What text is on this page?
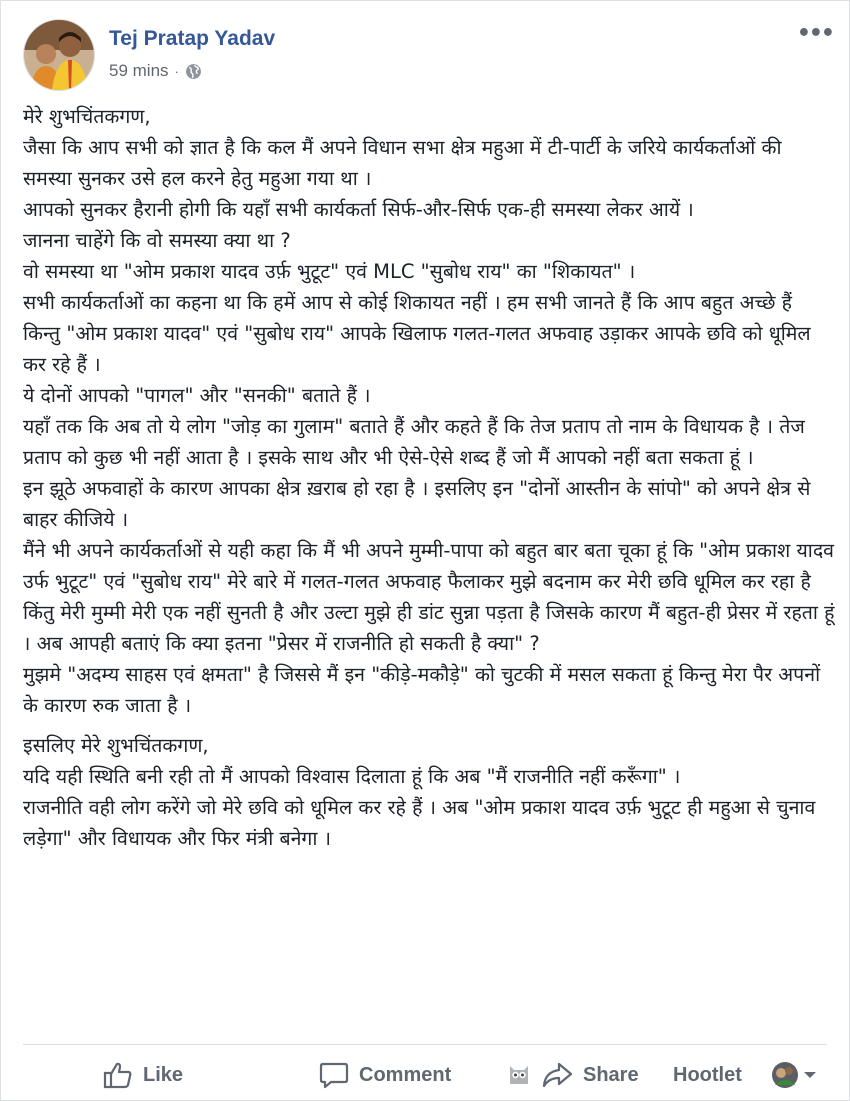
Tej Pratap Yadav
59 mins ·
•••

मेरे शुभचिंतकगण,

जैसा कि आप सभी को ज्ञात है कि कल मैं अपने विधान सभा क्षेत्र महुआ में टी-पार्टी के जरिये कार्यकर्ताओं की समस्या सुनकर उसे हल करने हेतु महुआ गया था ।

आपको सुनकर हैरानी होगी कि यहाँ सभी कार्यकर्ता सिर्फ-और-सिर्फ एक-ही समस्या लेकर आयें ।

जानना चाहेंगे कि वो समस्या क्या था ?

वो समस्या था "ओम प्रकाश यादव उर्फ़ भुटूट" एवं MLC "सुबोध राय" का "शिकायत" ।

सभी कार्यकर्ताओं का कहना था कि हमें आप से कोई शिकायत नहीं । हम सभी जानते हैं कि आप बहुत अच्छे हैं किन्तु "ओम प्रकाश यादव" एवं "सुबोध राय" आपके खिलाफ गलत-गलत अफवाह उड़ाकर आपके छवि को धूमिल कर रहे हैं ।

ये दोनों आपको "पागल" और "सनकी" बताते हैं ।

यहाँ तक कि अब तो ये लोग "जोड़ का गुलाम" बताते हैं और कहते हैं कि तेज प्रताप तो नाम के विधायक है । तेज प्रताप को कुछ भी नहीं आता है । इसके साथ और भी ऐसे-ऐसे शब्द हैं जो मैं आपको नहीं बता सकता हूं ।

इन झूठे अफवाहों के कारण आपका क्षेत्र ख़राब हो रहा है । इसलिए इन "दोनों आस्तीन के सांपो" को अपने क्षेत्र से बाहर कीजिये ।

मैंने भी अपने कार्यकर्ताओं से यही कहा कि मैं भी अपने मुम्मी-पापा को बहुत बार बता चूका हूं कि "ओम प्रकाश यादव उर्फ भुटूट" एवं "सुबोध राय" मेरे बारे में गलत-गलत अफवाह फैलाकर मुझे बदनाम कर मेरी छवि धूमिल कर रहा है किंतु मेरी मुम्मी मेरी एक नहीं सुनती है और उल्टा मुझे ही डांट सुन्ना पड़ता है जिसके कारण मैं बहुत-ही प्रेसर में रहता हूं । अब आपही बताएं कि क्या इतना "प्रेसर में राजनीति हो सकती है क्या" ?

मुझमे "अदम्य साहस एवं क्षमता" है जिससे मैं इन "कीड़े-मकौड़े" को चुटकी में मसल सकता हूं किन्तु मेरा पैर अपनों के कारण रुक जाता है ।

इसलिए मेरे शुभचिंतकगण,

यदि यही स्थिति बनी रही तो मैं आपको विश्वास दिलाता हूं कि अब "मैं राजनीति नहीं करूँगा" ।

राजनीति वही लोग करेंगे जो मेरे छवि को धूमिल कर रहे हैं । अब "ओम प्रकाश यादव उर्फ़ भुटूट ही महुआ से चुनाव लड़ेगा" और विधायक और फिर मंत्री बनेगा ।

Like	Comment	Share Hootlet
